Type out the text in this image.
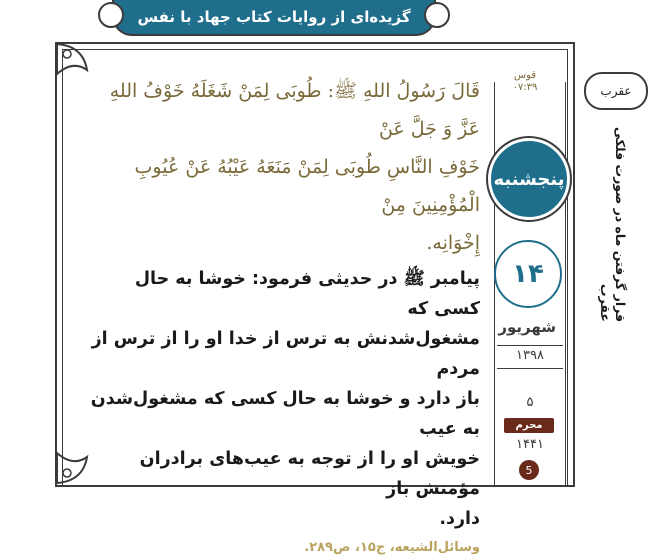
گزیده‌ای از روایات کتاب جهاد با نفس

قَالَ رَسُولُ اللهِ ﷺ: طُوبَى لِمَنْ شَغَلَهُ خَوْفُ اللهِ عَزَّ وَ جَلَّ عَنْ
خَوْفِ النَّاسِ طُوبَى لِمَنْ مَنَعَهُ عَيْبُهُ عَنْ عُيُوبِ الْمُؤْمِنِينَ مِنْ
إِخْوَانِه.

پیامبر ﷺ در حدیثی فرمود: خوشا به حال کسی که
مشغول‌شدنش به ترس از خدا او را از ترس از مردم
باز دارد و خوشا به حال کسی که مشغول‌شدن به عیب
خویش او را از توجه به عیب‌های برادران مؤمنش باز
دارد.

وسائل‌الشیعه، ج۱۵، ص۲۸۹.
قوس
۰۷:۳۹
پنجشنبه
۱۴
شهریور
۱۳۹۸
۵
محرم
۱۴۴۱
5
عقرب
قرار گرفتن ماه در صورت فلکی عقرب
